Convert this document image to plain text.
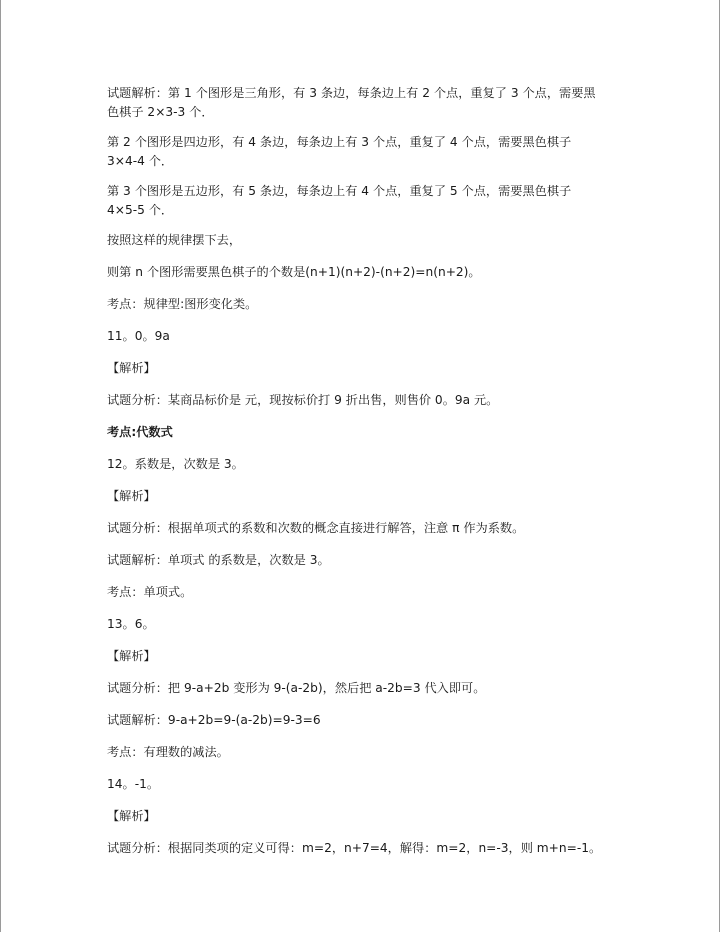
试题解析：第 1 个图形是三角形，有 3 条边，每条边上有 2 个点，重复了 3 个点，需要黑
色棋子 2×3-3 个．
第 2 个图形是四边形，有 4 条边，每条边上有 3 个点，重复了 4 个点，需要黑色棋子
3×4-4 个．
第 3 个图形是五边形，有 5 条边，每条边上有 4 个点，重复了 5 个点，需要黑色棋子
4×5-5 个．

按照这样的规律摆下去，

则第 n 个图形需要黑色棋子的个数是(n+1)(n+2)-(n+2)=n(n+2)。

考点：规律型:图形变化类。

11。0。9a

【解析】

试题分析：某商品标价是 元，现按标价打 9 折出售，则售价 0。9a 元。

考点:代数式

12。系数是，次数是 3。

【解析】

试题分析：根据单项式的系数和次数的概念直接进行解答，注意 π 作为系数。

试题解析：单项式 的系数是，次数是 3。

考点：单项式。

13。6。

【解析】

试题分析：把 9-a+2b 变形为 9-(a-2b)，然后把 a-2b=3 代入即可。

试题解析：9-a+2b=9-(a-2b)=9-3=6

考点：有理数的减法。

14。-1。

【解析】

试题分析：根据同类项的定义可得：m=2，n+7=4，解得：m=2，n=-3，则 m+n=-1。
